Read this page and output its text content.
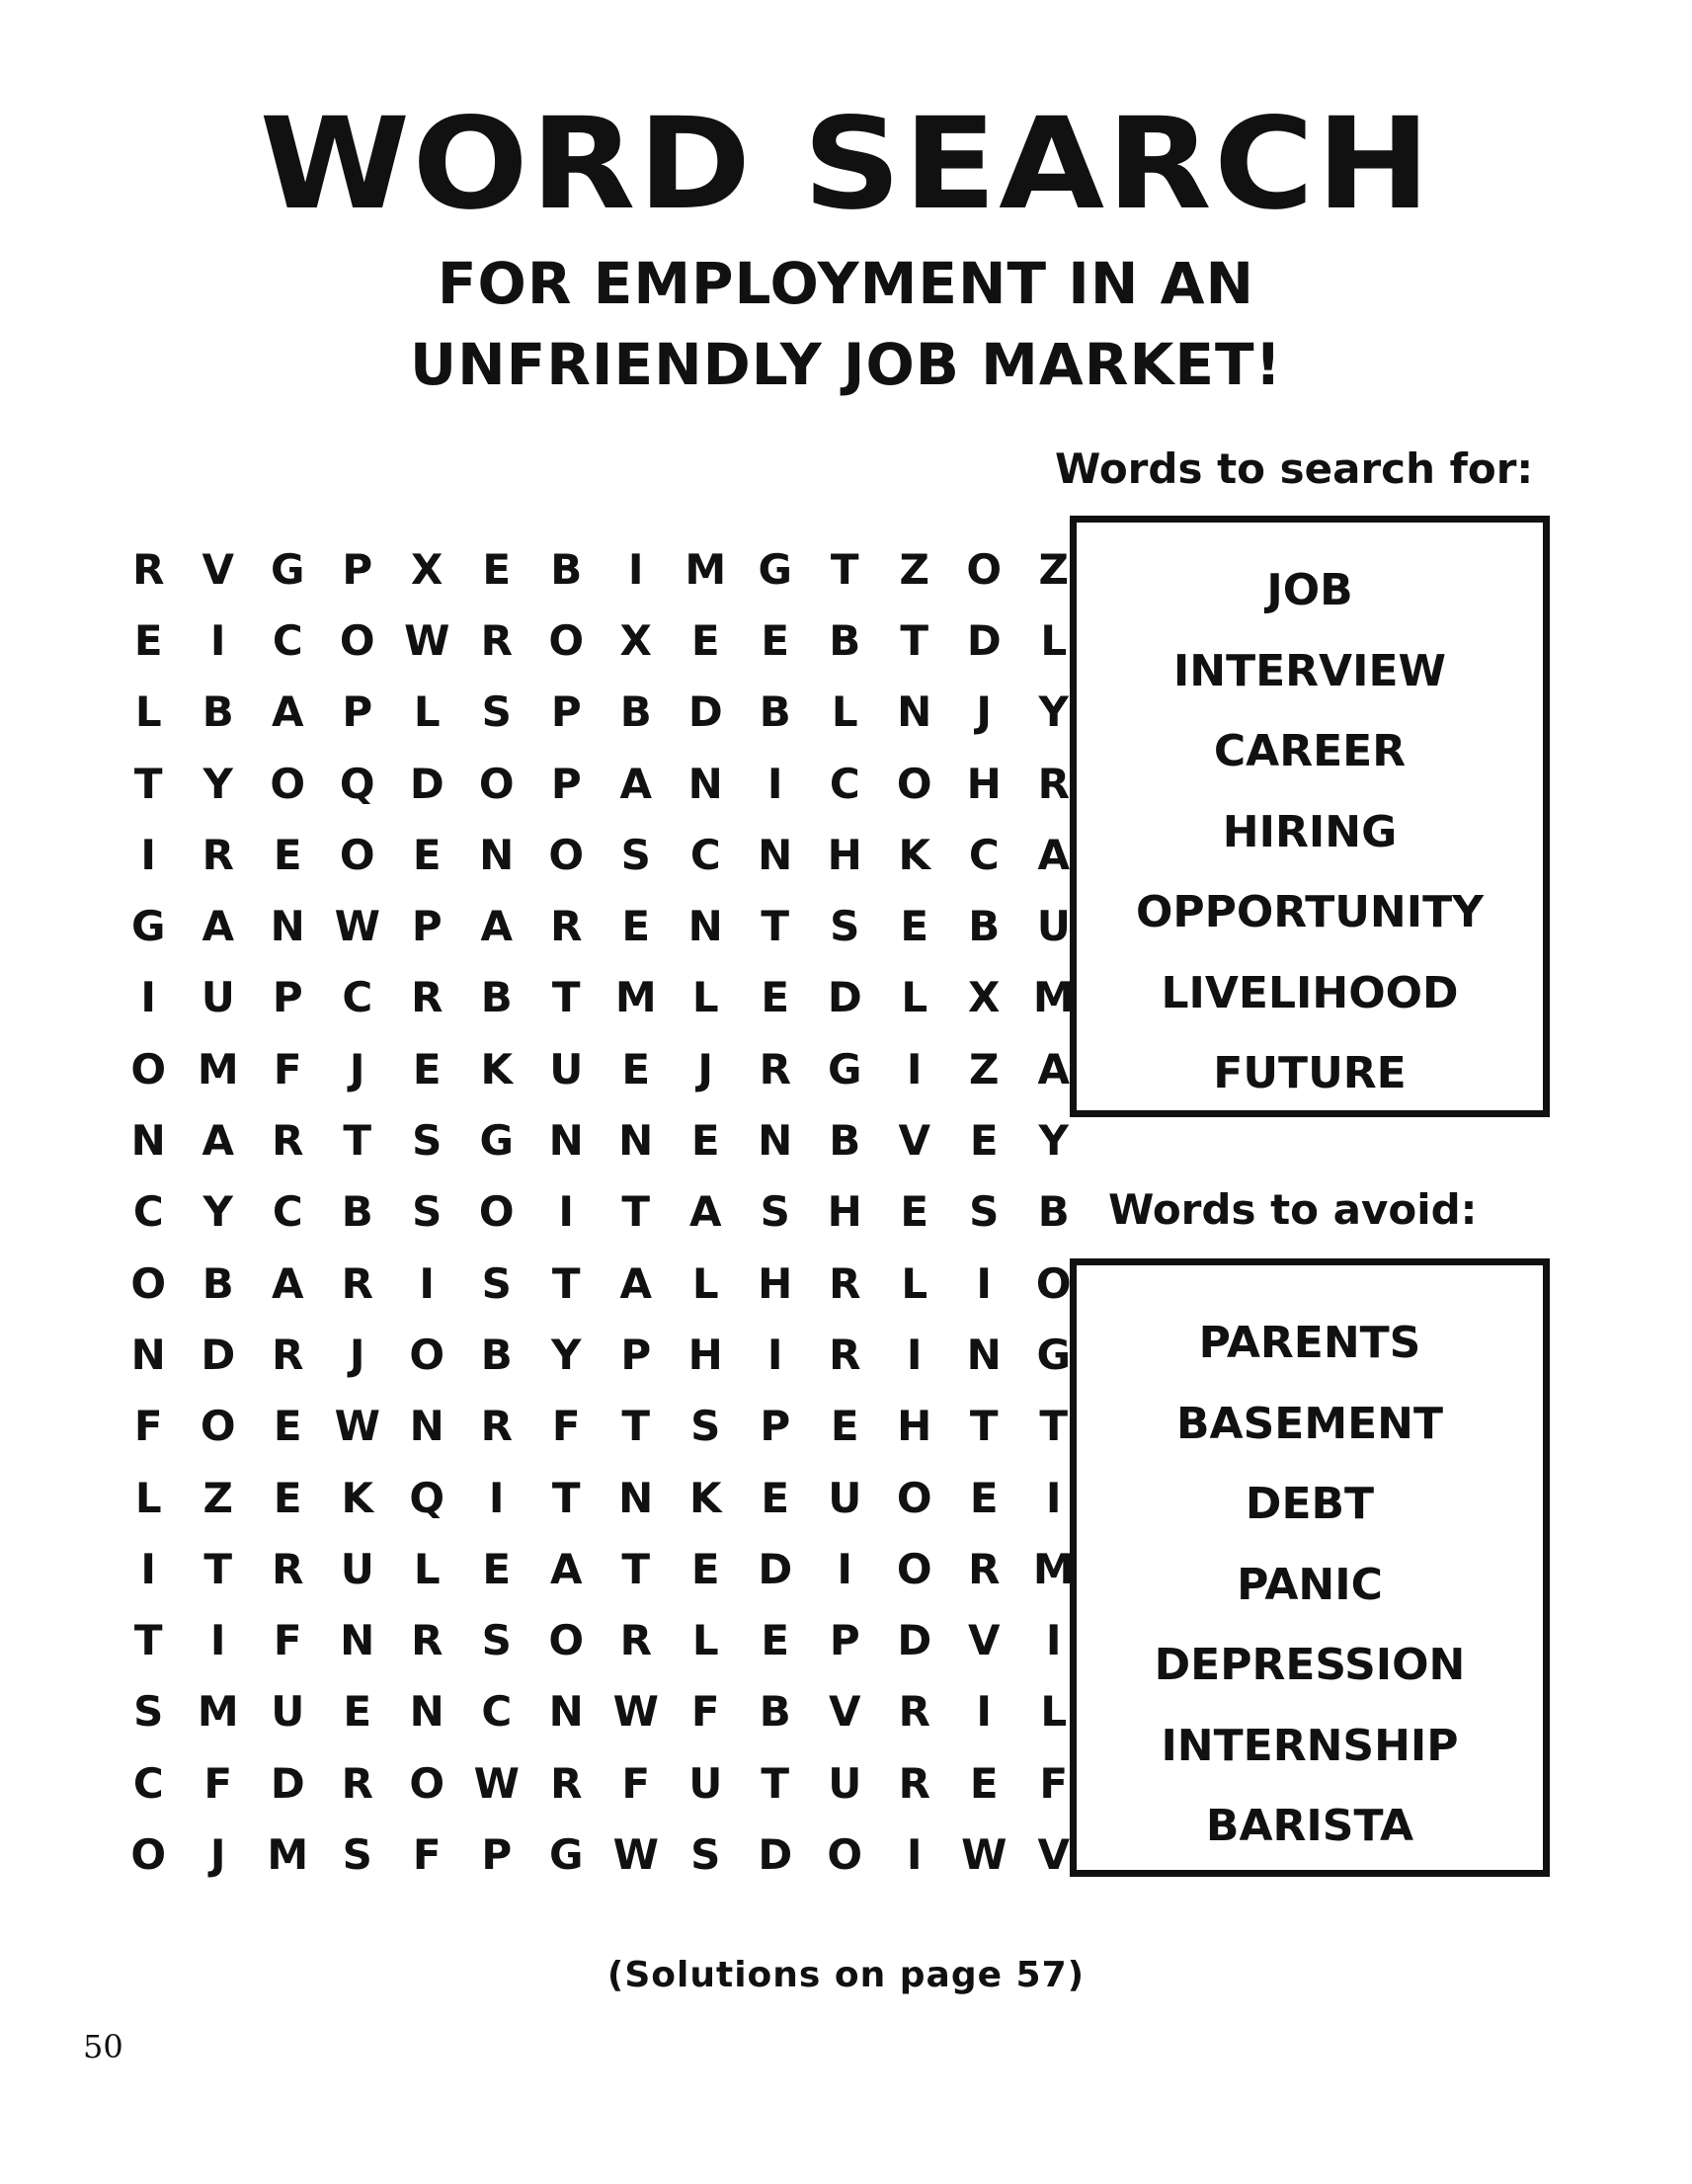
WORD SEARCH
FOR EMPLOYMENT IN AN
UNFRIENDLY JOB MARKET!
R V G P X E B	I M G T Z O Z
E	I	C O W R O X E E B T D L
L B A P L	S P B D B L N	J	Y
T Y O Q D O P A N	I	C O H R
I	R E O E N O S C N H K C A
G A N W P A R E N T S E B U
I	U P C R B T M L	E D L X M
O M F	J	E K U E	J	R G	I	Z A
N A R T S G N N E N B V E Y
C Y C B S O	I	T A S H E S B
O B A R	I	S T A L H R L	I	O
N D R	J	O B Y P H	I	R	I	N G
F O E W N R F T S P E H T T
L Z E K Q	I	T N K E U O E	I
I	T R U L	E A T E D	I	O R M
T	I	F N R S O R L	E P D V	I
S M U E N C N W F B V R	I	L
C F D R O W R F U T U R E F
O	J M S F P G W S D O	I W V
Words to search for:
JOB
INTERVIEW
CAREER
HIRING
OPPORTUNITY
LIVELIHOOD
FUTURE
Words to avoid:
PARENTS
BASEMENT
DEBT
PANIC
DEPRESSION
INTERNSHIP
BARISTA
(Solutions on page 57)
50
